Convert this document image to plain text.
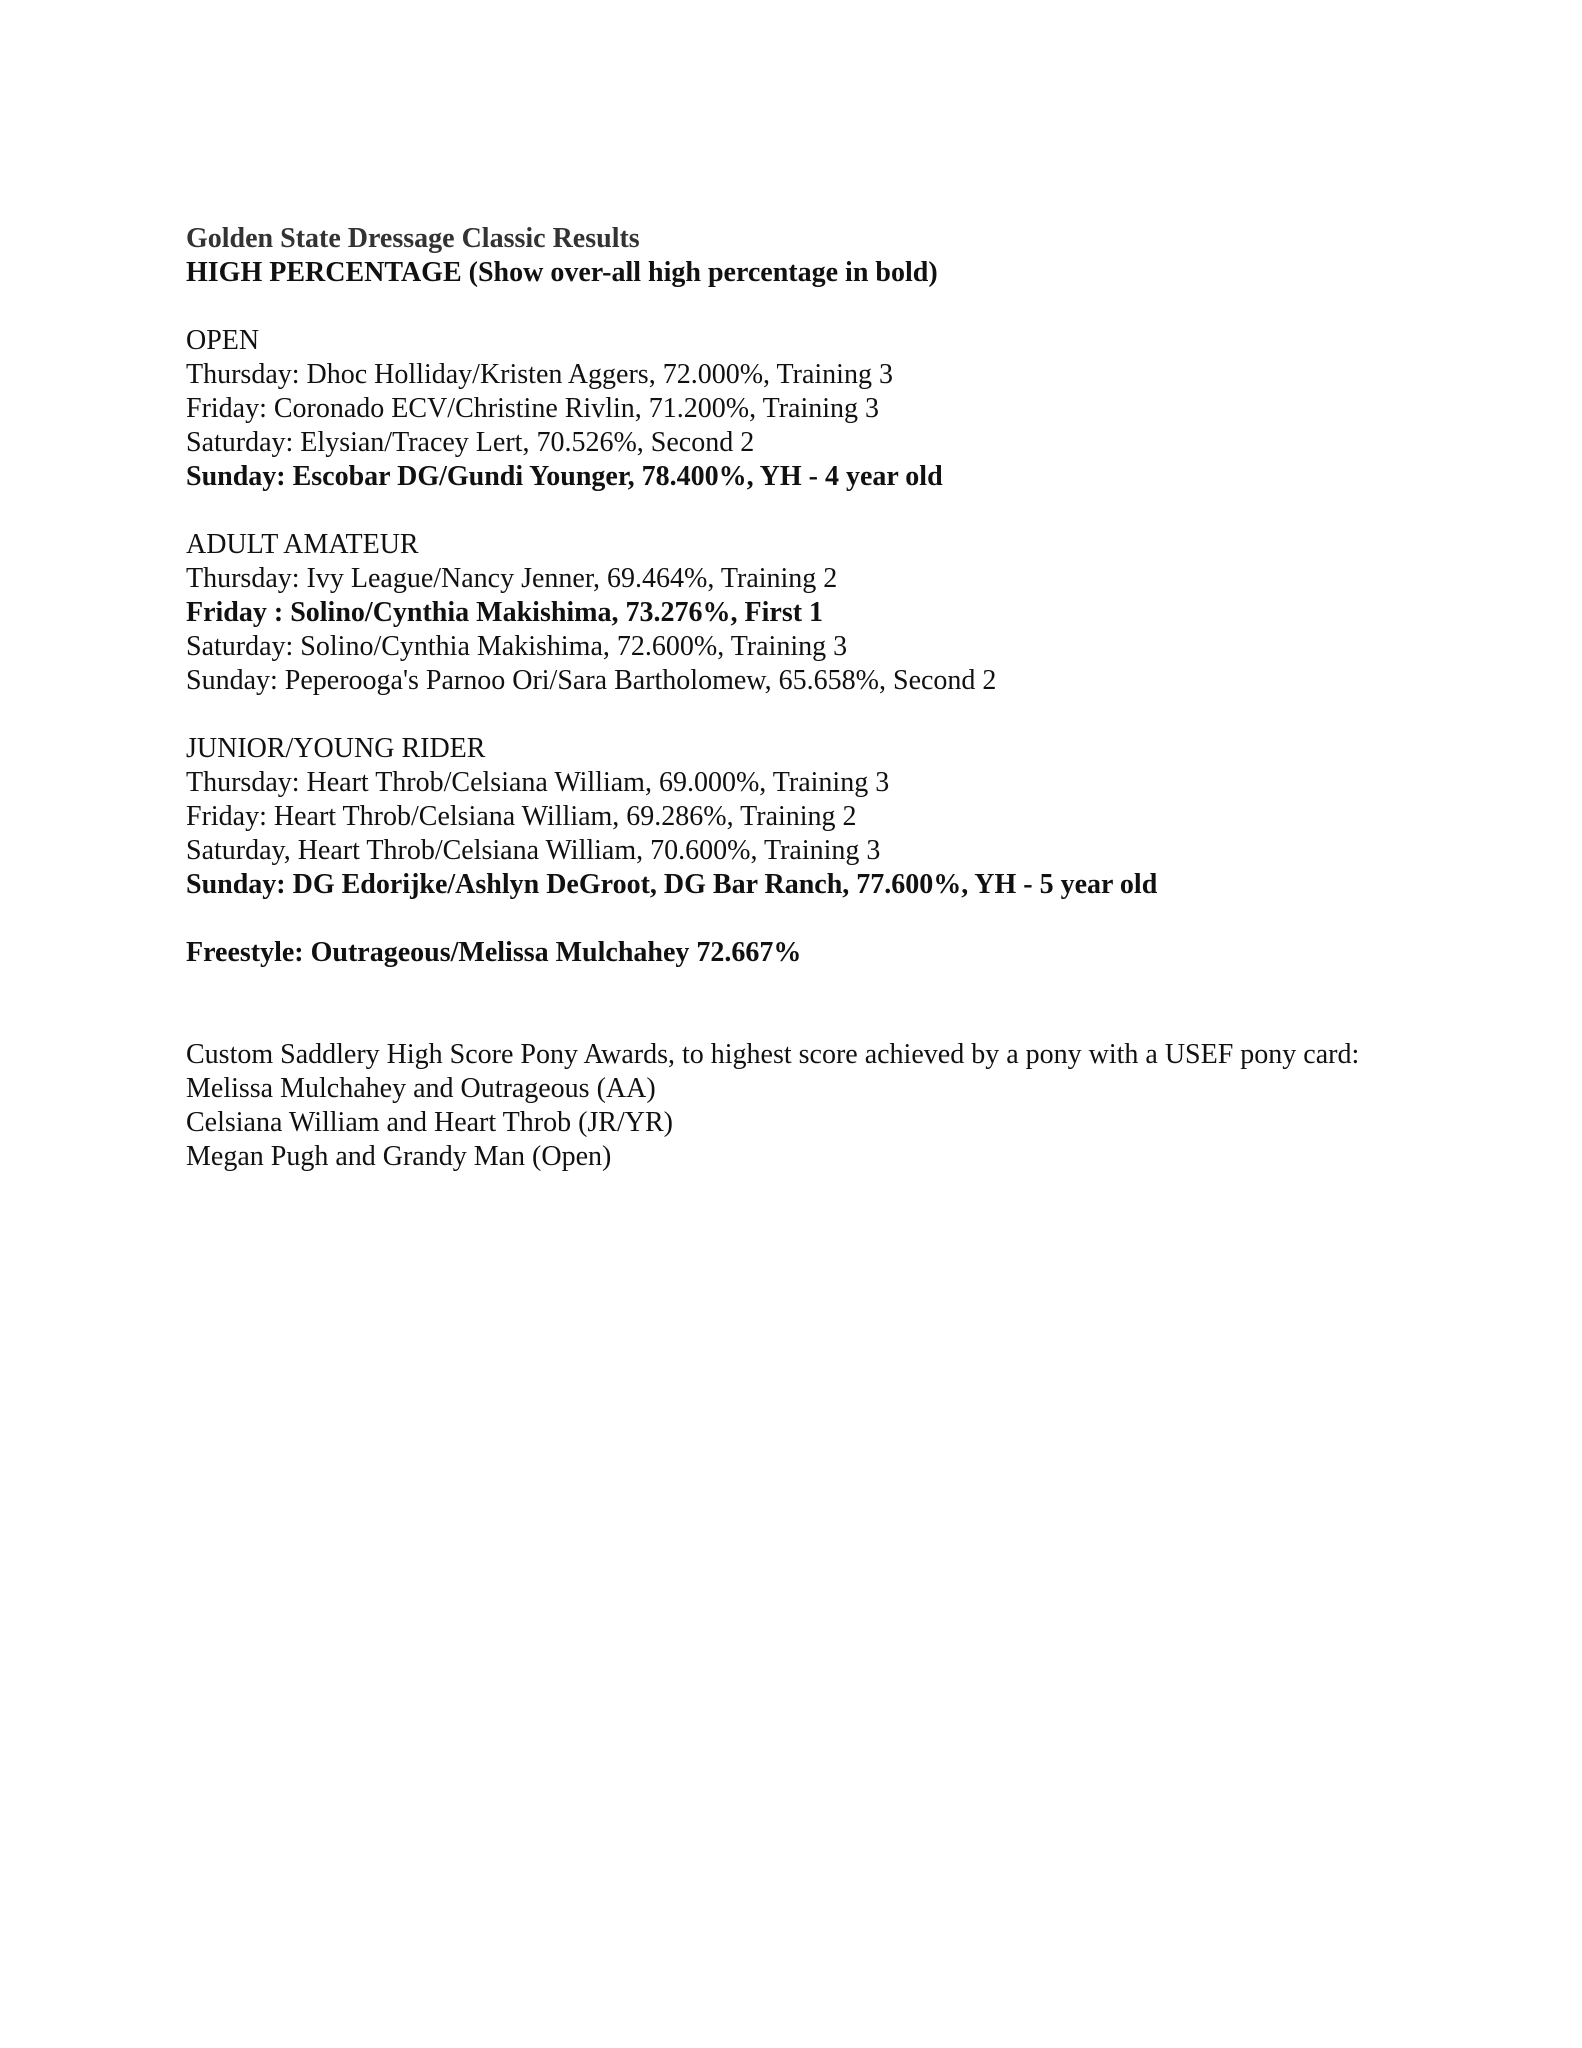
Golden State Dressage Classic Results
HIGH PERCENTAGE (Show over-all high percentage in bold)
OPEN
Thursday: Dhoc Holliday/Kristen Aggers, 72.000%, Training 3
Friday: Coronado ECV/Christine Rivlin, 71.200%, Training 3
Saturday: Elysian/Tracey Lert, 70.526%, Second 2
Sunday: Escobar DG/Gundi Younger, 78.400%, YH - 4 year old
ADULT AMATEUR
Thursday: Ivy League/Nancy Jenner, 69.464%, Training 2
Friday : Solino/Cynthia Makishima, 73.276%, First 1
Saturday: Solino/Cynthia Makishima, 72.600%, Training 3
Sunday: Peperooga's Parnoo Ori/Sara Bartholomew, 65.658%, Second 2
JUNIOR/YOUNG RIDER
Thursday: Heart Throb/Celsiana William, 69.000%, Training 3
Friday: Heart Throb/Celsiana William, 69.286%, Training 2
Saturday, Heart Throb/Celsiana William, 70.600%, Training 3
Sunday: DG Edorijke/Ashlyn DeGroot, DG Bar Ranch, 77.600%, YH - 5 year old
Freestyle: Outrageous/Melissa Mulchahey 72.667%
Custom Saddlery High Score Pony Awards, to highest score achieved by a pony with a USEF pony card:
Melissa Mulchahey and Outrageous (AA)
Celsiana William and Heart Throb (JR/YR)
Megan Pugh and Grandy Man (Open)
